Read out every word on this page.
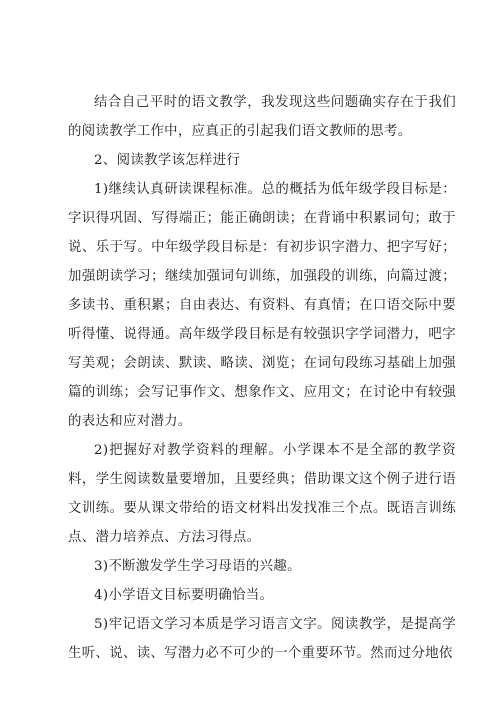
结合自己平时的语文教学，我发现这些问题确实存在于我们的阅读教学工作中，应真正的引起我们语文教师的思考。

2、阅读教学该怎样进行

1)继续认真研读课程标准。总的概括为低年级学段目标是：字识得巩固、写得端正；能正确朗读；在背诵中积累词句；敢于说、乐于写。中年级学段目标是：有初步识字潜力、把字写好；加强朗读学习；继续加强词句训练，加强段的训练，向篇过渡；多读书、重积累；自由表达、有资料、有真情；在口语交际中要听得懂、说得通。高年级学段目标是有较强识字学词潜力，吧字写美观；会朗读、默读、略读、浏览；在词句段练习基础上加强篇的训练；会写记事作文、想象作文、应用文；在讨论中有较强的表达和应对潜力。

2)把握好对教学资料的理解。小学课本不是全部的教学资料，学生阅读数量要增加，且要经典；借助课文这个例子进行语文训练。要从课文带给的语文材料出发找准三个点。既语言训练点、潜力培养点、方法习得点。

3)不断激发学生学习母语的兴趣。

4)小学语文目标要明确恰当。

5)牢记语文学习本质是学习语言文字。阅读教学，是提高学生听、说、读、写潜力必不可少的一个重要环节。然而过分地依
